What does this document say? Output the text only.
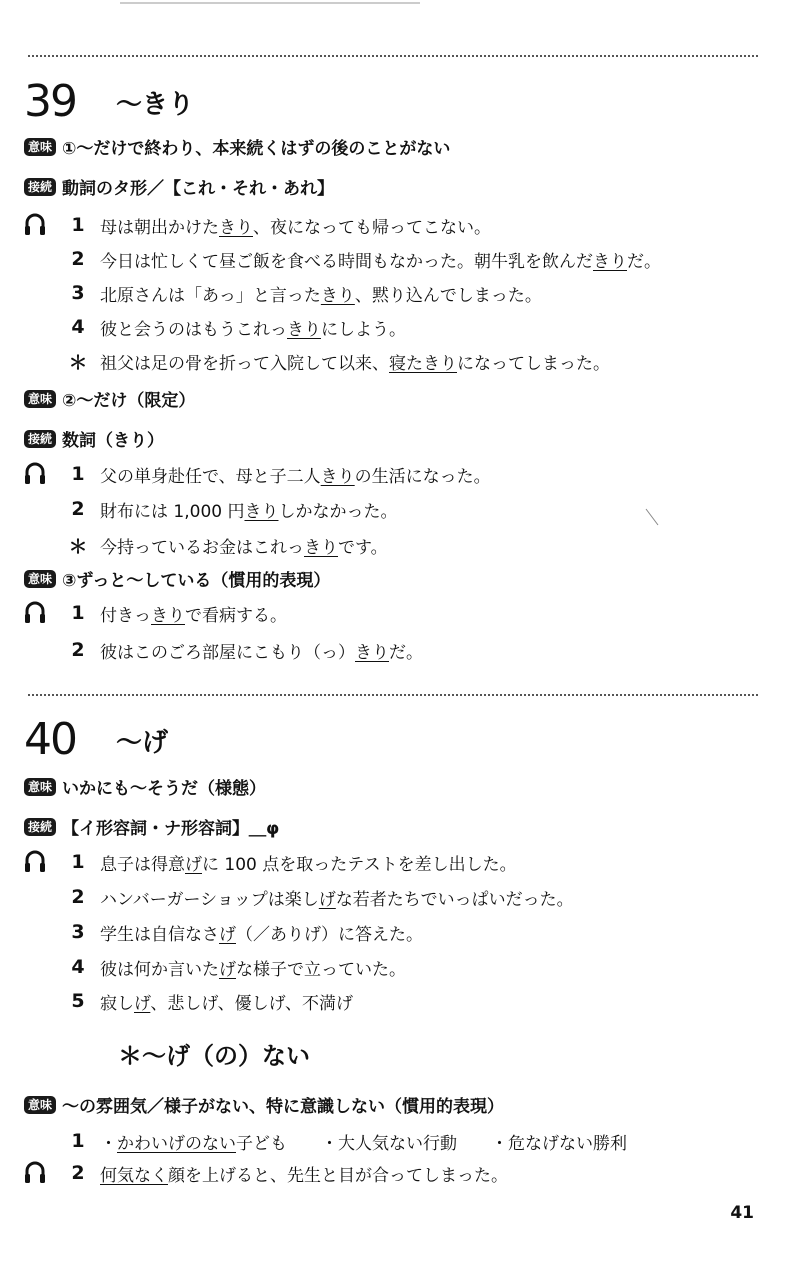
39	〜きり
意味 ①〜だけで終わり、本来続くはずの後のことがない
接続 動詞のタ形／【これ・それ・あれ】
1 母は朝出かけたきり、夜になっても帰ってこない。
2 今日は忙しくて昼ご飯を食べる時間もなかった。朝牛乳を飲んだきりだ。
3 北原さんは「あっ」と言ったきり、黙り込んでしまった。
4 彼と会うのはもうこれっきりにしよう。
＊ 祖父は足の骨を折って入院して以来、寝たきりになってしまった。
意味 ②〜だけ（限定）
接続 数詞（きり）
1 父の単身赴任で、母と子二人きりの生活になった。
2 財布には 1,000 円きりしかなかった。
＊ 今持っているお金はこれっきりです。
意味 ③ずっと〜している（慣用的表現）
1 付きっきりで看病する。
2 彼はこのごろ部屋にこもり（っ）きりだ。
40	〜げ
意味 いかにも〜そうだ（様態）
接続 【イ形容詞・ナ形容詞】＿φ
1 息子は得意げに 100 点を取ったテストを差し出した。
2 ハンバーガーショップは楽しげな若者たちでいっぱいだった。
3 学生は自信なさげ（／ありげ）に答えた。
4 彼は何か言いたげな様子で立っていた。
5 寂しげ、悲しげ、優しげ、不満げ
＊〜げ（の）ない
意味 〜の雰囲気／様子がない、特に意識しない（慣用的表現）
1 ・かわいげのない子ども　　・大人気ない行動　　・危なげない勝利
2 何気なく顔を上げると、先生と目が合ってしまった。
41
